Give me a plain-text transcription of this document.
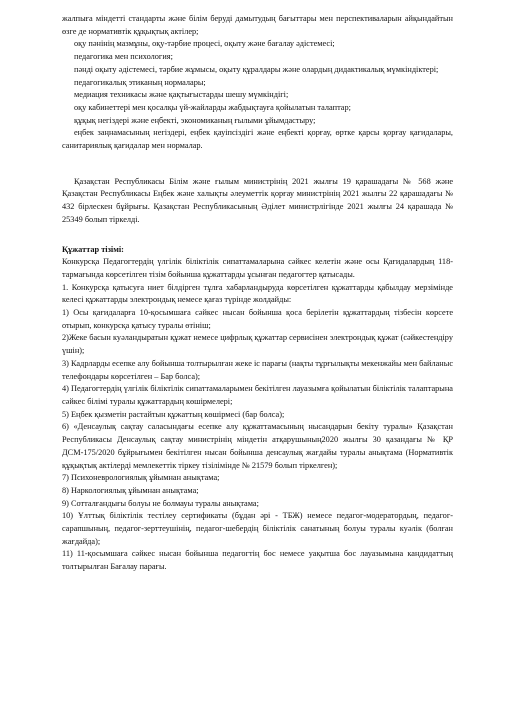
жалпыға міндетті стандарты және білім беруді дамытудың бағыттары мен перспективаларын айқындайтын өзге де нормативтік құқықтық актілер;

оқу пәнінің мазмұны, оқу-тәрбие процесі, оқыту және бағалау әдістемесі;

педагогика мен психология;

пәнді оқыту әдістемесі, тәрбие жұмысы, оқыту құралдары және олардың дидактикалық мүмкіндіктері;

педагогикалық этиканың нормалары;

медиация техникасы және қақтығыстарды шешу мүмкіндігі;

оқу кабинеттері мен қосалқы үй-жайларды жабдықтауға қойылатын талаптар;

құқық негіздері және еңбекті, экономиканың ғылыми ұйымдастыру;

еңбек заңнамасының негіздері, еңбек қауіпсіздігі және еңбекті қорғау, өртке қарсы қорғау қағидалары, санитариялық қағидалар мен нормалар.

Қазақстан Республикасы Білім және ғылым министрінің 2021 жылғы 19 қарашадағы № 568 және Қазақстан Республикасы Еңбек және халықты әлеуметтік қорғау министрінің 2021 жылғы 22 қарашадағы № 432 бірлескен бұйрығы. Қазақстан Республикасының Әділет министрлігінде 2021 жылғы 24 қарашада № 25349 болып тіркелді.

Құжаттар тізімі:

Конкурсқа Педагогтердің үлгілік біліктілік сипаттамаларына сәйкес келетін және осы Қағидалардың 118-тармағында көрсетілген тізім бойынша құжаттарды ұсынған педагогтер қатысады.

1. Конкурсқа қатысуға ниет білдірген тұлға хабарландыруда көрсетілген құжаттарды қабылдау мерзімінде келесі құжаттарды электрондық немесе қағаз түрінде жолдайды:

1) Осы қағидаларға 10-қосымшаға сәйкес нысан бойынша қоса берілетін құжаттардың тізбесін көрсете отырып, конкурсқа қатысу туралы өтініш;

2)Жеке басын куәландыратын құжат немесе цифрлық құжаттар сервисінен электрондық құжат (сәйкестендіру үшін);

3) Кадрларды есепке алу бойынша толтырылған жеке іс парағы (нақты тұрғылықты мекенжайы мен байланыс телефондары көрсетілген – Бар болса);

4) Педагогтердің үлгілік біліктілік сипаттамаларымен бекітілген лауазымға қойылатын біліктілік талаптарына сәйкес білімі туралы құжаттардың көшірмелері;

5) Еңбек қызметін растайтын құжаттың көшірмесі (бар болса);

6) «Денсаулық сақтау саласындағы есепке алу құжаттамасының нысандарын бекіту туралы» Қазақстан Республикасы Денсаулық сақтау министрінің міндетін атқарушының2020 жылғы 30 қазандағы № ҚР ДСМ-175/2020 бұйрығымен бекітілген нысан бойынша денсаулық жағдайы туралы анықтама (Нормативтік құқықтық актілерді мемлекеттік тіркеу тізілімінде № 21579 болып тіркелген);

7) Психоневрологиялық ұйымнан анықтама;

8) Наркологиялық ұйымнан анықтама;

9) Сотталғандығы болуы не болмауы туралы анықтама;

10) Ұлттық біліктілік тестілеу сертификаты (бұдан әрі - ТБЖ) немесе педагог-модератордың, педагог-сарапшының, педагог-зерттеушінің, педагог-шебердің біліктілік санатының болуы туралы куәлік (болған жағдайда);

11) 11-қосымшаға сәйкес нысан бойынша педагогтің бос немесе уақытша бос лауазымына кандидаттың толтырылған Бағалау парағы.
